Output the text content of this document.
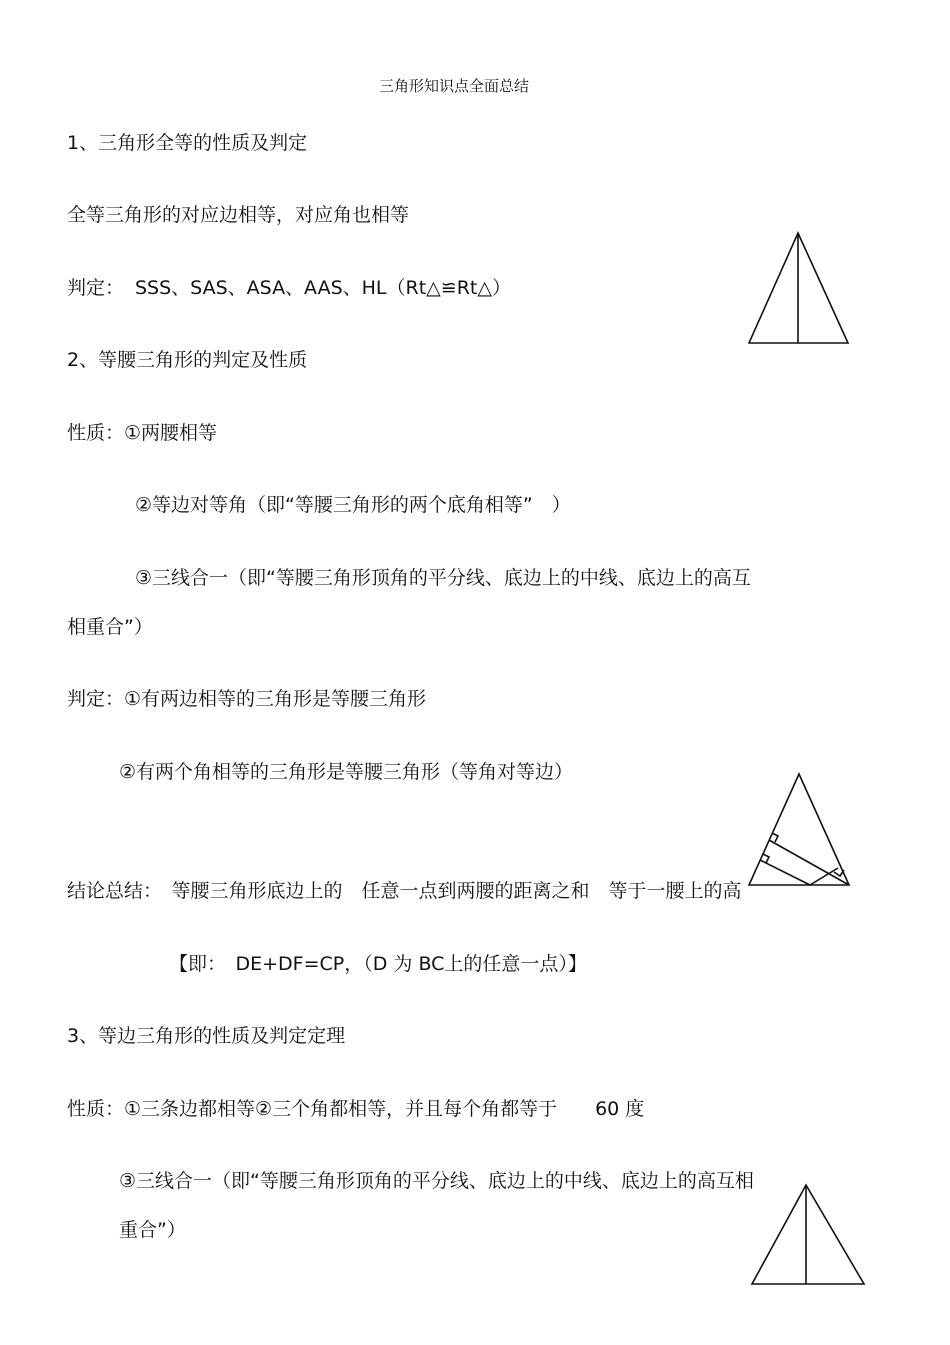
三角形知识点全面总结
1、三角形全等的性质及判定
全等三角形的对应边相等，对应角也相等
判定： SSS、SAS、ASA、AAS、HL（Rt△≌Rt△）
2、等腰三角形的判定及性质
性质：①两腰相等
②等边对等角（即“等腰三角形的两个底角相等”　）
③三线合一（即“等腰三角形顶角的平分线、底边上的中线、底边上的高互
相重合”）
判定：①有两边相等的三角形是等腰三角形
②有两个角相等的三角形是等腰三角形（等角对等边）
结论总结：　等腰三角形底边上的　任意一点到两腰的距离之和　等于一腰上的高
【即：　DE+DF=CP，（D 为 BC上的任意一点）】
3、等边三角形的性质及判定定理
性质：①三条边都相等②三个角都相等，并且每个角都等于　　60 度
③三线合一（即“等腰三角形顶角的平分线、底边上的中线、底边上的高互相
重合”）
